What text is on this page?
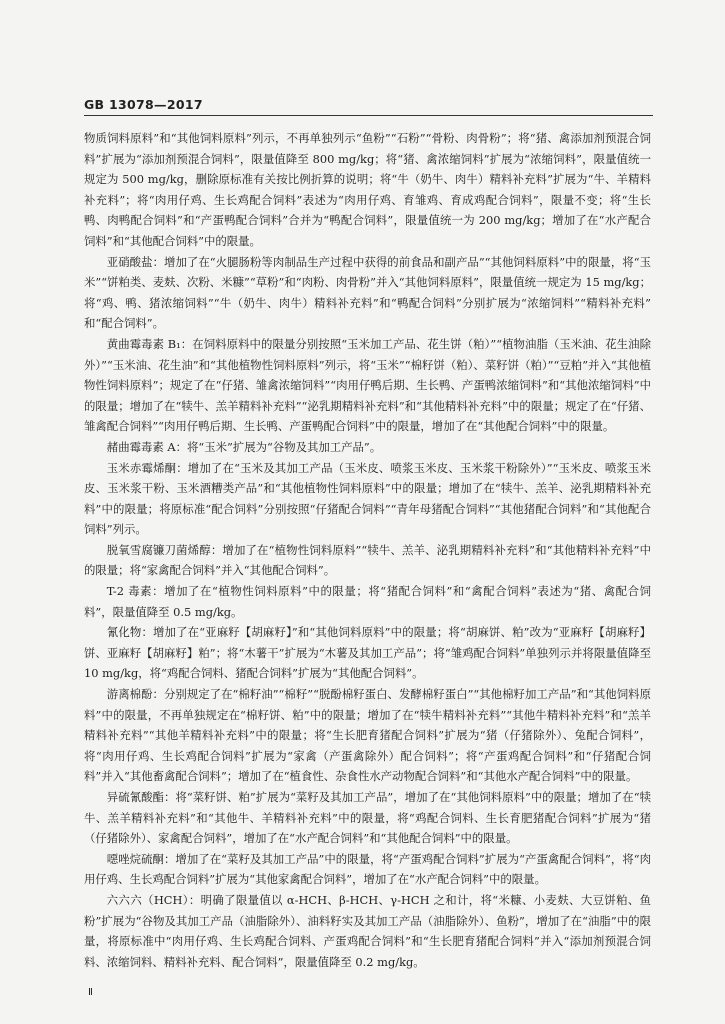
GB 13078—2017

物质饲料原料”和“其他饲料原料”列示，不再单独列示“鱼粉”“石粉”“骨粉、肉骨粉”；将“猪、禽添加剂预混合饲料”扩展为“添加剂预混合饲料”，限量值降至 800 mg/kg；将“猪、禽浓缩饲料”扩展为“浓缩饲料”，限量值统一规定为 500 mg/kg，删除原标准有关按比例折算的说明；将“牛（奶牛、肉牛）精料补充料”扩展为“牛、羊精料补充料”；将“肉用仔鸡、生长鸡配合饲料”表述为“肉用仔鸡、育雏鸡、育成鸡配合饲料”，限量不变；将“生长鸭、肉鸭配合饲料”和“产蛋鸭配合饲料”合并为“鸭配合饲料”，限量值统一为 200 mg/kg；增加了在“水产配合饲料”和“其他配合饲料”中的限量。

亚硝酸盐：增加了在“火腿肠粉等肉制品生产过程中获得的前食品和副产品”“其他饲料原料”中的限量，将“玉米”“饼粕类、麦麸、次粉、米糠”“草粉”和“肉粉、肉骨粉”并入“其他饲料原料”，限量值统一规定为 15 mg/kg；将“鸡、鸭、猪浓缩饲料”“牛（奶牛、肉牛）精料补充料”和“鸭配合饲料”分别扩展为“浓缩饲料”“精料补充料” 和“配合饲料”。

黄曲霉毒素 B₁：在饲料原料中的限量分别按照“玉米加工产品、花生饼（粕）”“植物油脂（玉米油、花生油除外）”“玉米油、花生油”和“其他植物性饲料原料”列示，将“玉米”“棉籽饼（粕）、菜籽饼（粕）”“豆粕”并入“其他植物性饲料原料”；规定了在“仔猪、雏禽浓缩饲料”“肉用仔鸭后期、生长鸭、产蛋鸭浓缩饲料”和“其他浓缩饲料”中的限量；增加了在“犊牛、羔羊精料补充料”“泌乳期精料补充料”和“其他精料补充料”中的限量；规定了在“仔猪、雏禽配合饲料”“肉用仔鸭后期、生长鸭、产蛋鸭配合饲料”中的限量，增加了在“其他配合饲料”中的限量。

赭曲霉毒素 A：将“玉米”扩展为“谷物及其加工产品”。

玉米赤霉烯酮：增加了在“玉米及其加工产品（玉米皮、喷浆玉米皮、玉米浆干粉除外）”“玉米皮、喷浆玉米皮、玉米浆干粉、玉米酒糟类产品”和“其他植物性饲料原料”中的限量；增加了在“犊牛、羔羊、泌乳期精料补充料”中的限量；将原标准“配合饲料”分别按照“仔猪配合饲料”“青年母猪配合饲料”“其他猪配合饲料”和“其他配合饲料”列示。

脱氧雪腐镰刀菌烯醇：增加了在“植物性饲料原料”“犊牛、羔羊、泌乳期精料补充料”和“其他精料补充料”中的限量；将“家禽配合饲料”并入“其他配合饲料”。

T-2 毒素：增加了在“植物性饲料原料”中的限量；将“猪配合饲料”和“禽配合饲料”表述为“猪、禽配合饲料”，限量值降至 0.5 mg/kg。

氰化物：增加了在“亚麻籽【胡麻籽】”和“其他饲料原料”中的限量；将“胡麻饼、粕”改为“亚麻籽【胡麻籽】饼、亚麻籽【胡麻籽】粕”；将“木薯干”扩展为“木薯及其加工产品”；将“雏鸡配合饲料”单独列示并将限量值降至 10 mg/kg，将“鸡配合饲料、猪配合饲料”扩展为“其他配合饲料”。

游离棉酚：分别规定了在“棉籽油”“棉籽”“脱酚棉籽蛋白、发酵棉籽蛋白”“其他棉籽加工产品”和“其他饲料原料”中的限量，不再单独规定在“棉籽饼、粕”中的限量；增加了在“犊牛精料补充料”“其他牛精料补充料”和“羔羊精料补充料”“其他羊精料补充料”中的限量；将“生长肥育猪配合饲料”扩展为“猪（仔猪除外）、兔配合饲料”，将“肉用仔鸡、生长鸡配合饲料”扩展为“家禽（产蛋禽除外）配合饲料”；将“产蛋鸡配合饲料”和“仔猪配合饲料”并入“其他畜禽配合饲料”；增加了在“植食性、杂食性水产动物配合饲料”和“其他水产配合饲料”中的限量。

异硫氰酸酯：将“菜籽饼、粕”扩展为“菜籽及其加工产品”，增加了在“其他饲料原料”中的限量；增加了在“犊牛、羔羊精料补充料”和“其他牛、羊精料补充料”中的限量，将“鸡配合饲料、生长育肥猪配合饲料”扩展为“猪（仔猪除外）、家禽配合饲料”，增加了在“水产配合饲料”和“其他配合饲料”中的限量。

噁唑烷硫酮：增加了在“菜籽及其加工产品”中的限量，将“产蛋鸡配合饲料”扩展为“产蛋禽配合饲料”，将“肉用仔鸡、生长鸡配合饲料”扩展为“其他家禽配合饲料”，增加了在“水产配合饲料”中的限量。

六六六（HCH）：明确了限量值以 α-HCH、β-HCH、γ-HCH 之和计，将“米糠、小麦麸、大豆饼粕、鱼粉”扩展为“谷物及其加工产品（油脂除外）、油料籽实及其加工产品（油脂除外）、鱼粉”，增加了在“油脂”中的限量，将原标准中“肉用仔鸡、生长鸡配合饲料、产蛋鸡配合饲料”和“生长肥育猪配合饲料”并入“添加剂预混合饲料、浓缩饲料、精料补充料、配合饲料”，限量值降至 0.2 mg/kg。

Ⅱ
